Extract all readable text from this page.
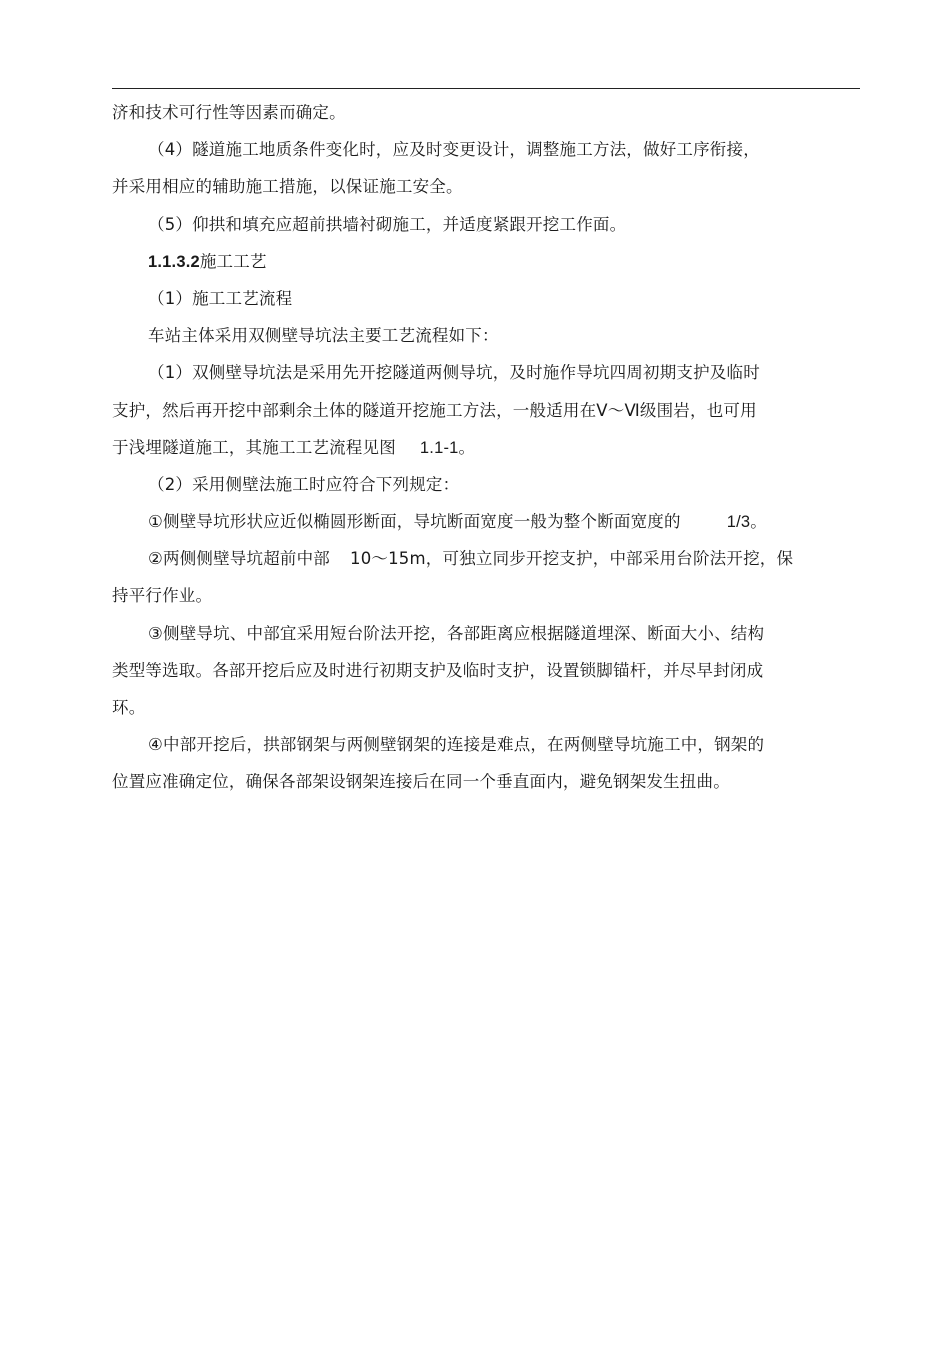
济和技术可行性等因素而确定。
（4）隧道施工地质条件变化时，应及时变更设计，调整施工方法，做好工序衔接，
并采用相应的辅助施工措施，以保证施工安全。
（5）仰拱和填充应超前拱墙衬砌施工，并适度紧跟开挖工作面。
1.1.3.2施工工艺
（1）施工工艺流程
车站主体采用双侧壁导坑法主要工艺流程如下：
（1）双侧壁导坑法是采用先开挖隧道两侧导坑，及时施作导坑四周初期支护及临时
支护，然后再开挖中部剩余土体的隧道开挖施工方法，一般适用在Ⅴ～Ⅵ级围岩，也可用
于浅埋隧道施工，其施工工艺流程见图 1.1-1。
（2）采用侧壁法施工时应符合下列规定：
①侧壁导坑形状应近似椭圆形断面，导坑断面宽度一般为整个断面宽度的	1/3。
②两侧侧壁导坑超前中部 10～15m，可独立同步开挖支护，中部采用台阶法开挖，保
持平行作业。
③侧壁导坑、中部宜采用短台阶法开挖，各部距离应根据隧道埋深、断面大小、结构
类型等选取。各部开挖后应及时进行初期支护及临时支护，设置锁脚锚杆，并尽早封闭成
环。
④中部开挖后，拱部钢架与两侧壁钢架的连接是难点，在两侧壁导坑施工中，钢架的
位置应准确定位，确保各部架设钢架连接后在同一个垂直面内，避免钢架发生扭曲。
